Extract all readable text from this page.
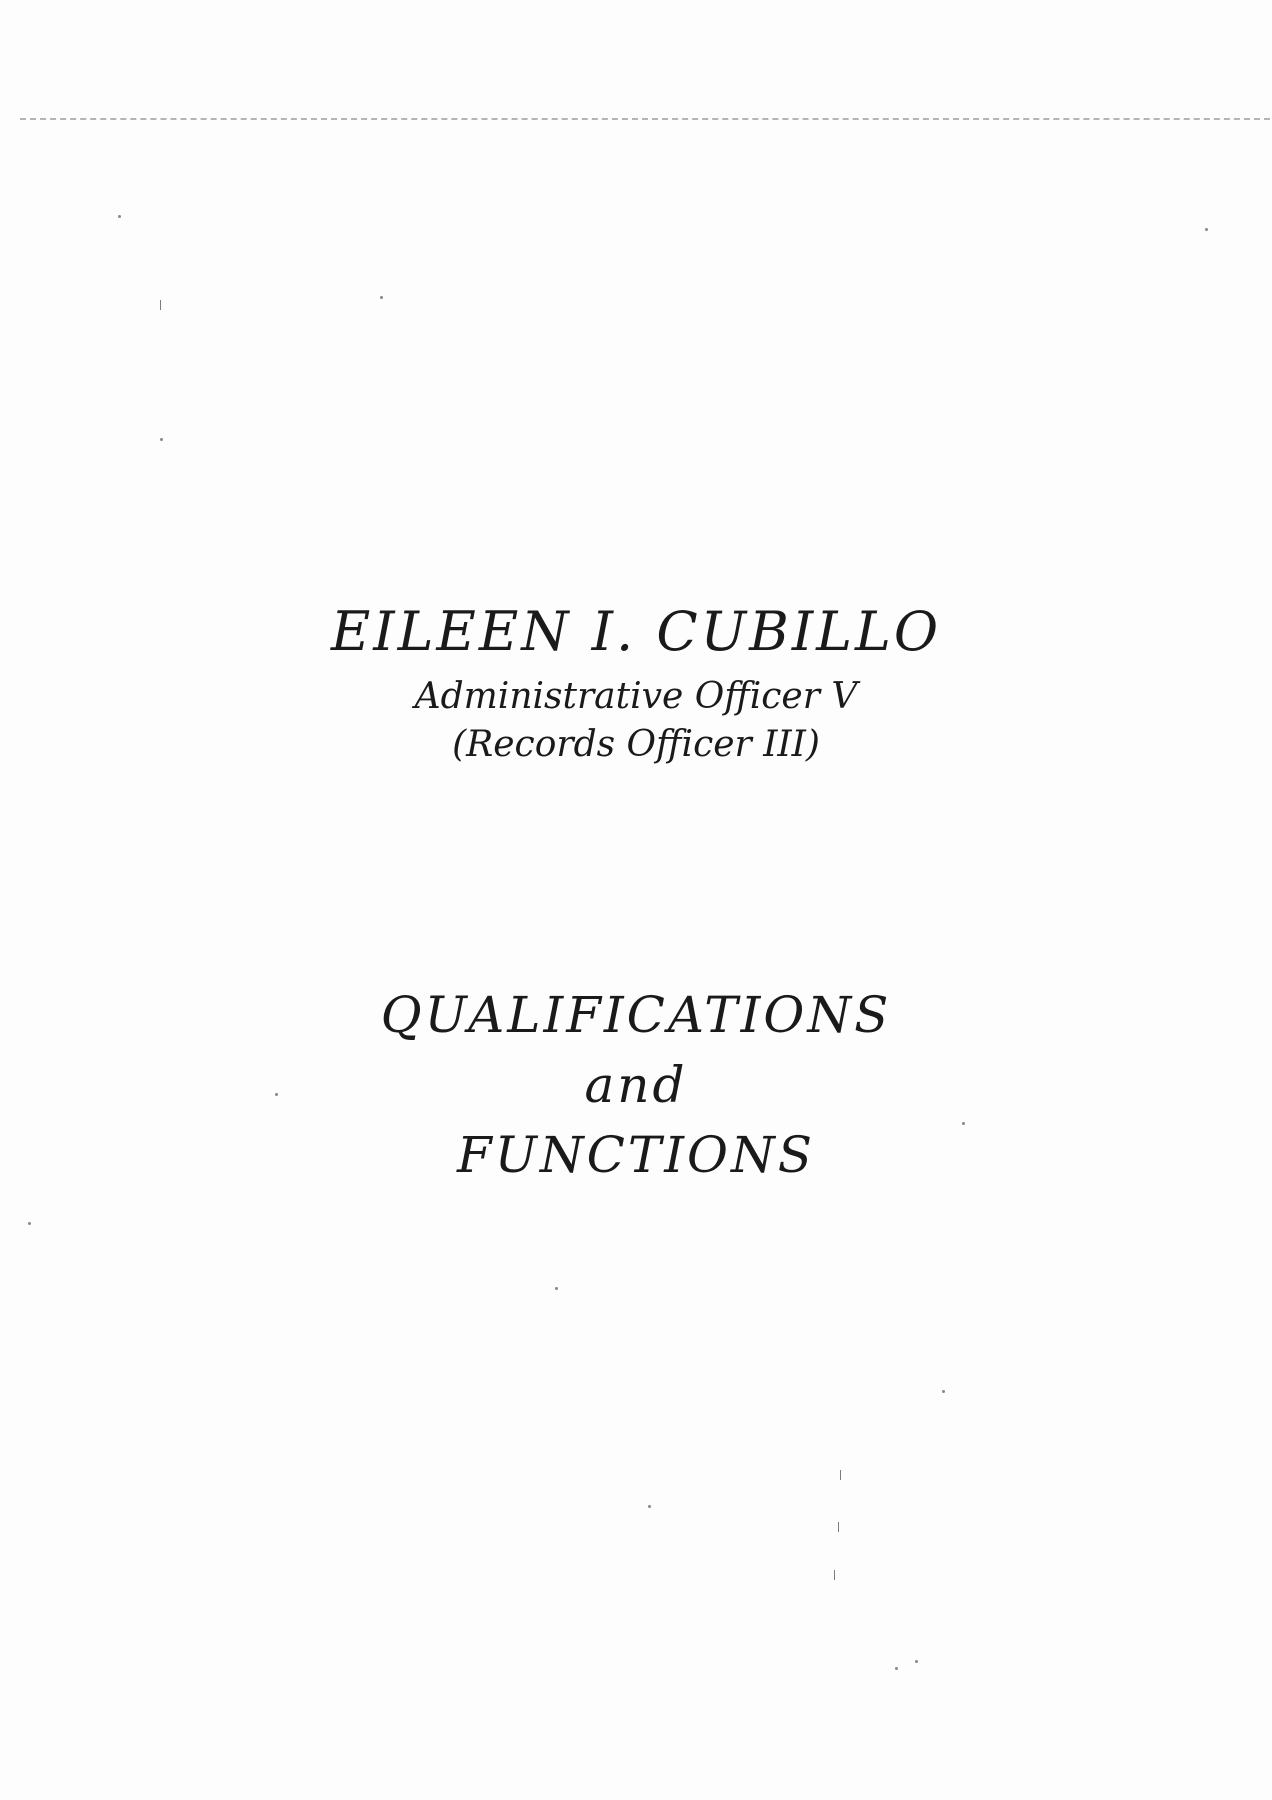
EILEEN I. CUBILLO
Administrative Officer V
(Records Officer III)
QUALIFICATIONS
and
FUNCTIONS
